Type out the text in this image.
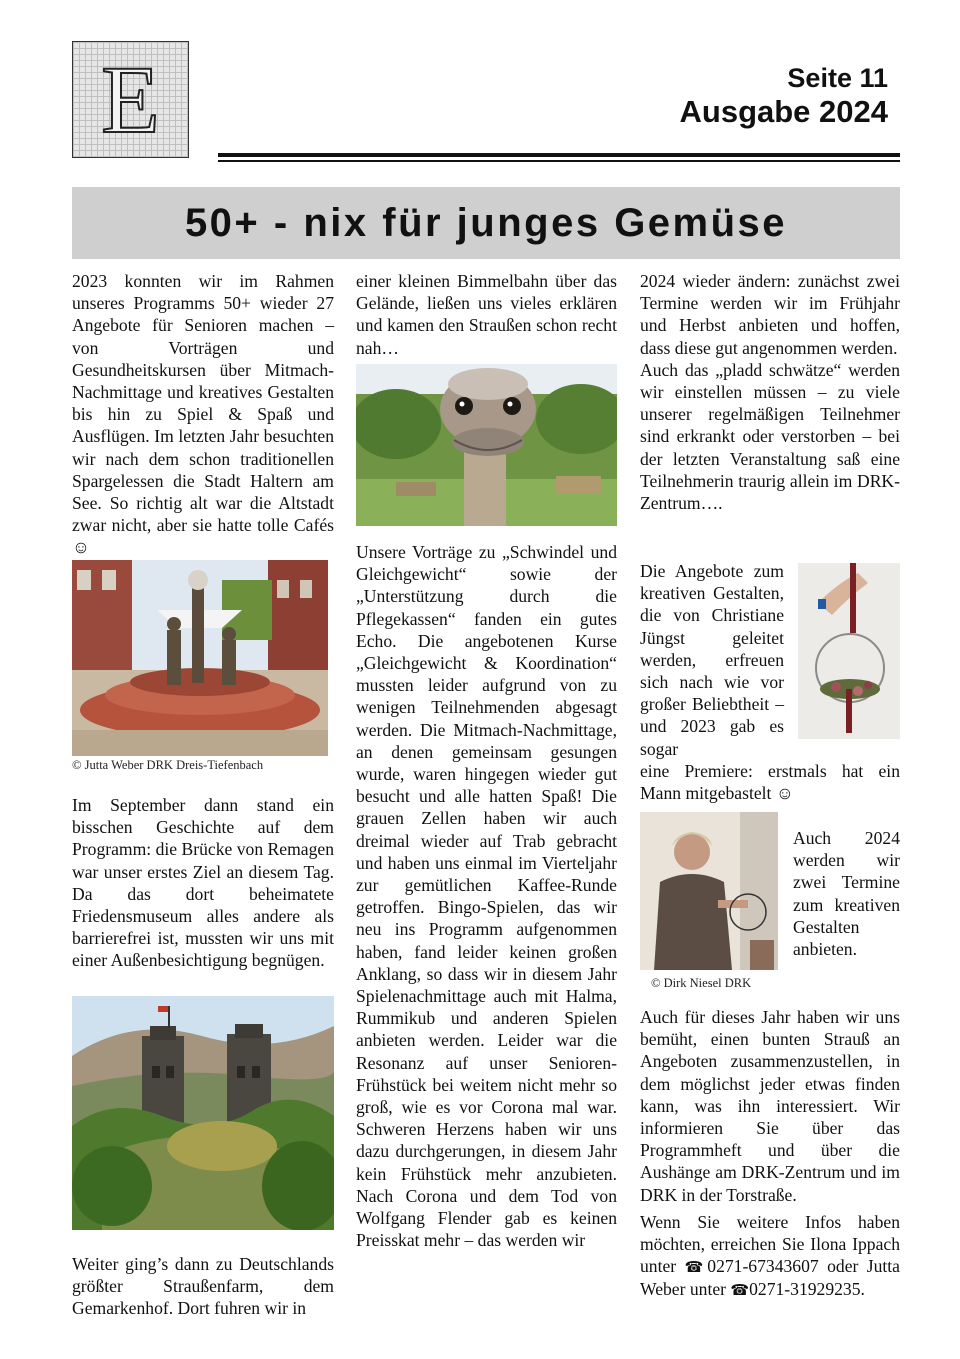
E	Seite 11
Ausgabe 2024
50+ - nix für junges Gemüse

2023 konnten wir im Rahmen unseres Programms 50+ wieder 27 Angebote für Senioren machen – von Vorträgen und Gesundheitskursen über Mitmach-Nachmittage und kreatives Gestalten bis hin zu Spiel & Spaß und Ausflügen. Im letzten Jahr besuchten wir nach dem schon traditionellen Spargelessen die Stadt Haltern am See. So richtig alt war die Altstadt zwar nicht, aber sie hatte tolle Cafés ☺

© Jutta Weber DRK Dreis-Tiefenbach

Im September dann stand ein bisschen Geschichte auf dem Programm: die Brücke von Remagen war unser erstes Ziel an diesem Tag. Da das dort beheimatete Friedensmuseum alles andere als barrierefrei ist, mussten wir uns mit einer Außenbesichtigung begnügen.

Weiter ging’s dann zu Deutschlands größter Straußenfarm, dem Gemarkenhof. Dort fuhren wir in

einer kleinen Bimmelbahn über das Gelände, ließen uns vieles erklären und kamen den Straußen schon recht nah…

Unsere Vorträge zu „Schwindel und Gleichgewicht“ sowie der „Unterstützung durch die Pflegekassen“ fanden ein gutes Echo. Die angebotenen Kurse „Gleichgewicht & Koordination“ mussten leider aufgrund von zu wenigen Teilnehmenden abgesagt werden. Die Mitmach-Nachmittage, an denen gemeinsam gesungen wurde, waren hingegen wieder gut besucht und alle hatten Spaß! Die grauen Zellen haben wir auch dreimal wieder auf Trab gebracht und haben uns einmal im Vierteljahr zur gemütlichen Kaffee-Runde getroffen. Bingo-Spielen, das wir neu ins Programm aufgenommen haben, fand leider keinen großen Anklang, so dass wir in diesem Jahr Spielenachmittage auch mit Halma, Rummikub und anderen Spielen anbieten werden. Leider war die Resonanz auf unser Senioren-Frühstück bei weitem nicht mehr so groß, wie es vor Corona mal war. Schweren Herzens haben wir uns dazu durchgerungen, in diesem Jahr kein Frühstück mehr anzubieten. Nach Corona und dem Tod von Wolfgang Flender gab es keinen Preisskat mehr – das werden wir

2024 wieder ändern: zunächst zwei Termine werden wir im Frühjahr und Herbst anbieten und hoffen, dass diese gut angenommen werden.

Auch das „pladd schwätze“ werden wir einstellen müssen – zu viele unserer regelmäßigen Teilnehmer sind erkrankt oder verstorben – bei der letzten Veranstaltung saß eine Teilnehmerin traurig allein im DRK-Zentrum….

Die Angebote zum kreativen Gestalten, die von Christiane Jüngst geleitet werden, erfreuen sich nach wie vor großer Beliebtheit – und 2023 gab es sogar

eine Premiere: erstmals hat ein Mann mitgebastelt ☺

Auch 2024 werden wir zwei Termine zum kreativen Gestalten anbieten.

© Dirk Niesel DRK

Auch für dieses Jahr haben wir uns bemüht, einen bunten Strauß an Angeboten zusammenzustellen, in dem möglichst jeder etwas finden kann, was ihn interessiert. Wir informieren Sie über das Programmheft und über die Aushänge am DRK-Zentrum und im DRK in der Torstraße.

Wenn Sie weitere Infos haben möchten, erreichen Sie Ilona Ippach unter ☎0271-67343607 oder Jutta Weber unter ☎0271-31929235.
